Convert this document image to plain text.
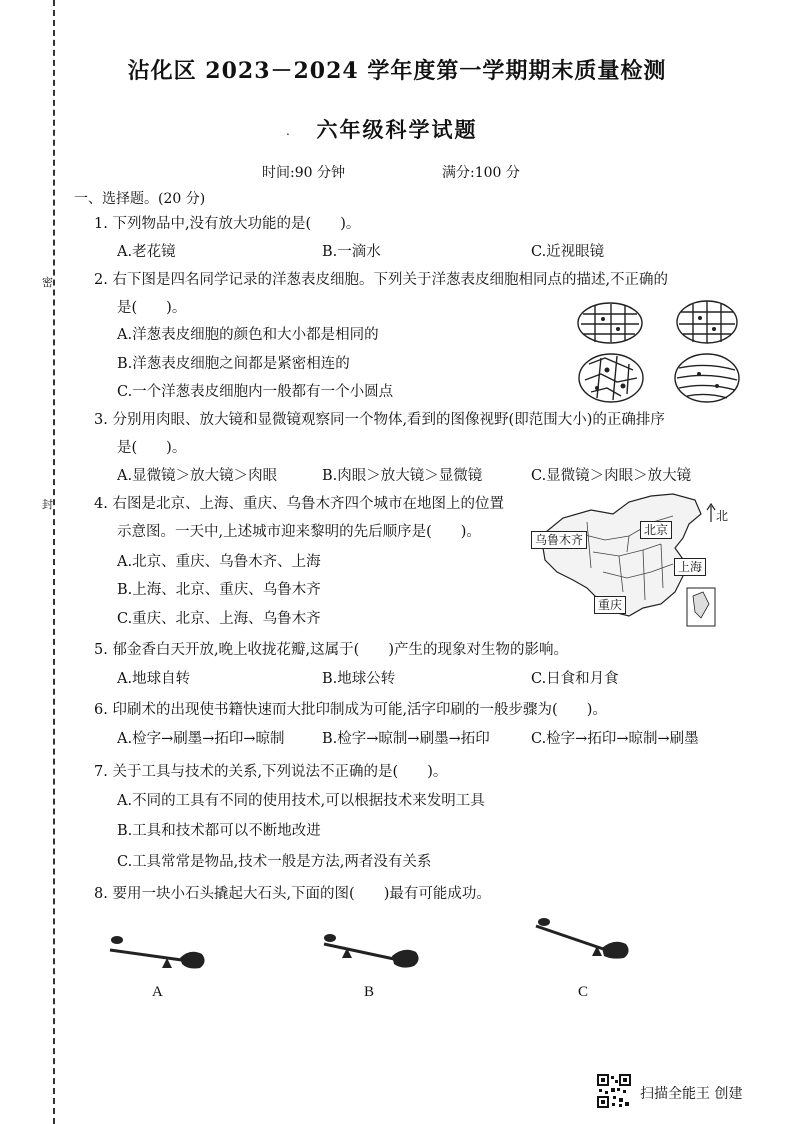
密
封
沾化区 2023－2024 学年度第一学期期末质量检测
.	六年级科学试题
时间:90 分钟	满分:100 分
一、选择题。(20 分)
1. 下列物品中,没有放大功能的是(　　)。
A.老花镜	B.一滴水	C.近视眼镜
2. 右下图是四名同学记录的洋葱表皮细胞。下列关于洋葱表皮细胞相同点的描述,不正确的
是(　　)。
A.洋葱表皮细胞的颜色和大小都是相同的
B.洋葱表皮细胞之间都是紧密相连的
C.一个洋葱表皮细胞内一般都有一个小圆点
3. 分别用肉眼、放大镜和显微镜观察同一个物体,看到的图像视野(即范围大小)的正确排序
是(　　)。
A.显微镜＞放大镜＞肉眼	B.肉眼＞放大镜＞显微镜	C.显微镜＞肉眼＞放大镜
4. 右图是北京、上海、重庆、乌鲁木齐四个城市在地图上的位置
示意图。一天中,上述城市迎来黎明的先后顺序是(　　)。
A.北京、重庆、乌鲁木齐、上海
B.上海、北京、重庆、乌鲁木齐
C.重庆、北京、上海、乌鲁木齐
乌鲁木齐
北京
上海
重庆
北
5. 郁金香白天开放,晚上收拢花瓣,这属于(　　)产生的现象对生物的影响。
A.地球自转	B.地球公转	C.日食和月食
6. 印刷术的出现使书籍快速而大批印制成为可能,活字印刷的一般步骤为(　　)。
A.检字→刷墨→拓印→晾制	B.检字→晾制→刷墨→拓印	C.检字→拓印→晾制→刷墨
7. 关于工具与技术的关系,下列说法不正确的是(　　)。
A.不同的工具有不同的使用技术,可以根据技术来发明工具
B.工具和技术都可以不断地改进
C.工具常常是物品,技术一般是方法,两者没有关系
8. 要用一块小石头撬起大石头,下面的图(　　)最有可能成功。
A	B	C
扫描全能王 创建
